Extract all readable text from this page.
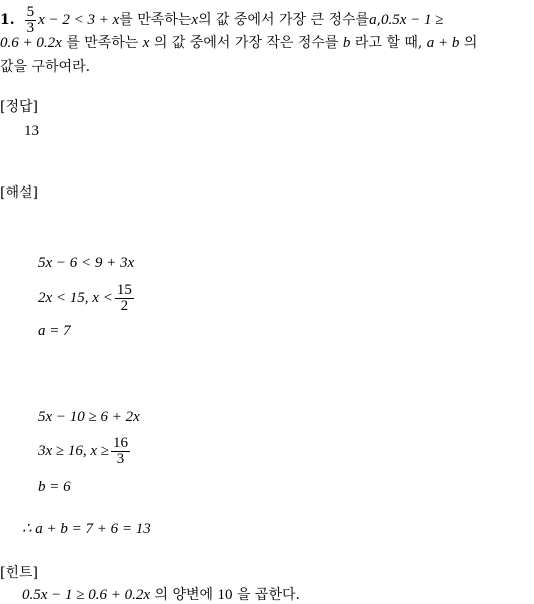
1. $\frac{5}{3}$ x − 2 < 3 + x 를 만족하는 x 의 값 중에서 가장 큰 정수를 a , 0.5x − 1 ≥
0.6 + 0.2x 를 만족하는 x 의 값 중에서 가장 작은 정수를 b 라고 할 때, a + b 의
값을 구하여라.
[정답]
13
[해설]
5x − 6 < 9 + 3x
2x < 15, $x < \frac{15}{2}$
a = 7
5x − 10 ≥ 6 + 2x
3x ≥ 16, $x \ge \frac{16}{3}$
b = 6
∴ a + b = 7 + 6 = 13
[힌트]
0.5x − 1 ≥ 0.6 + 0.2x 의 양변에 10 을 곱한다.
